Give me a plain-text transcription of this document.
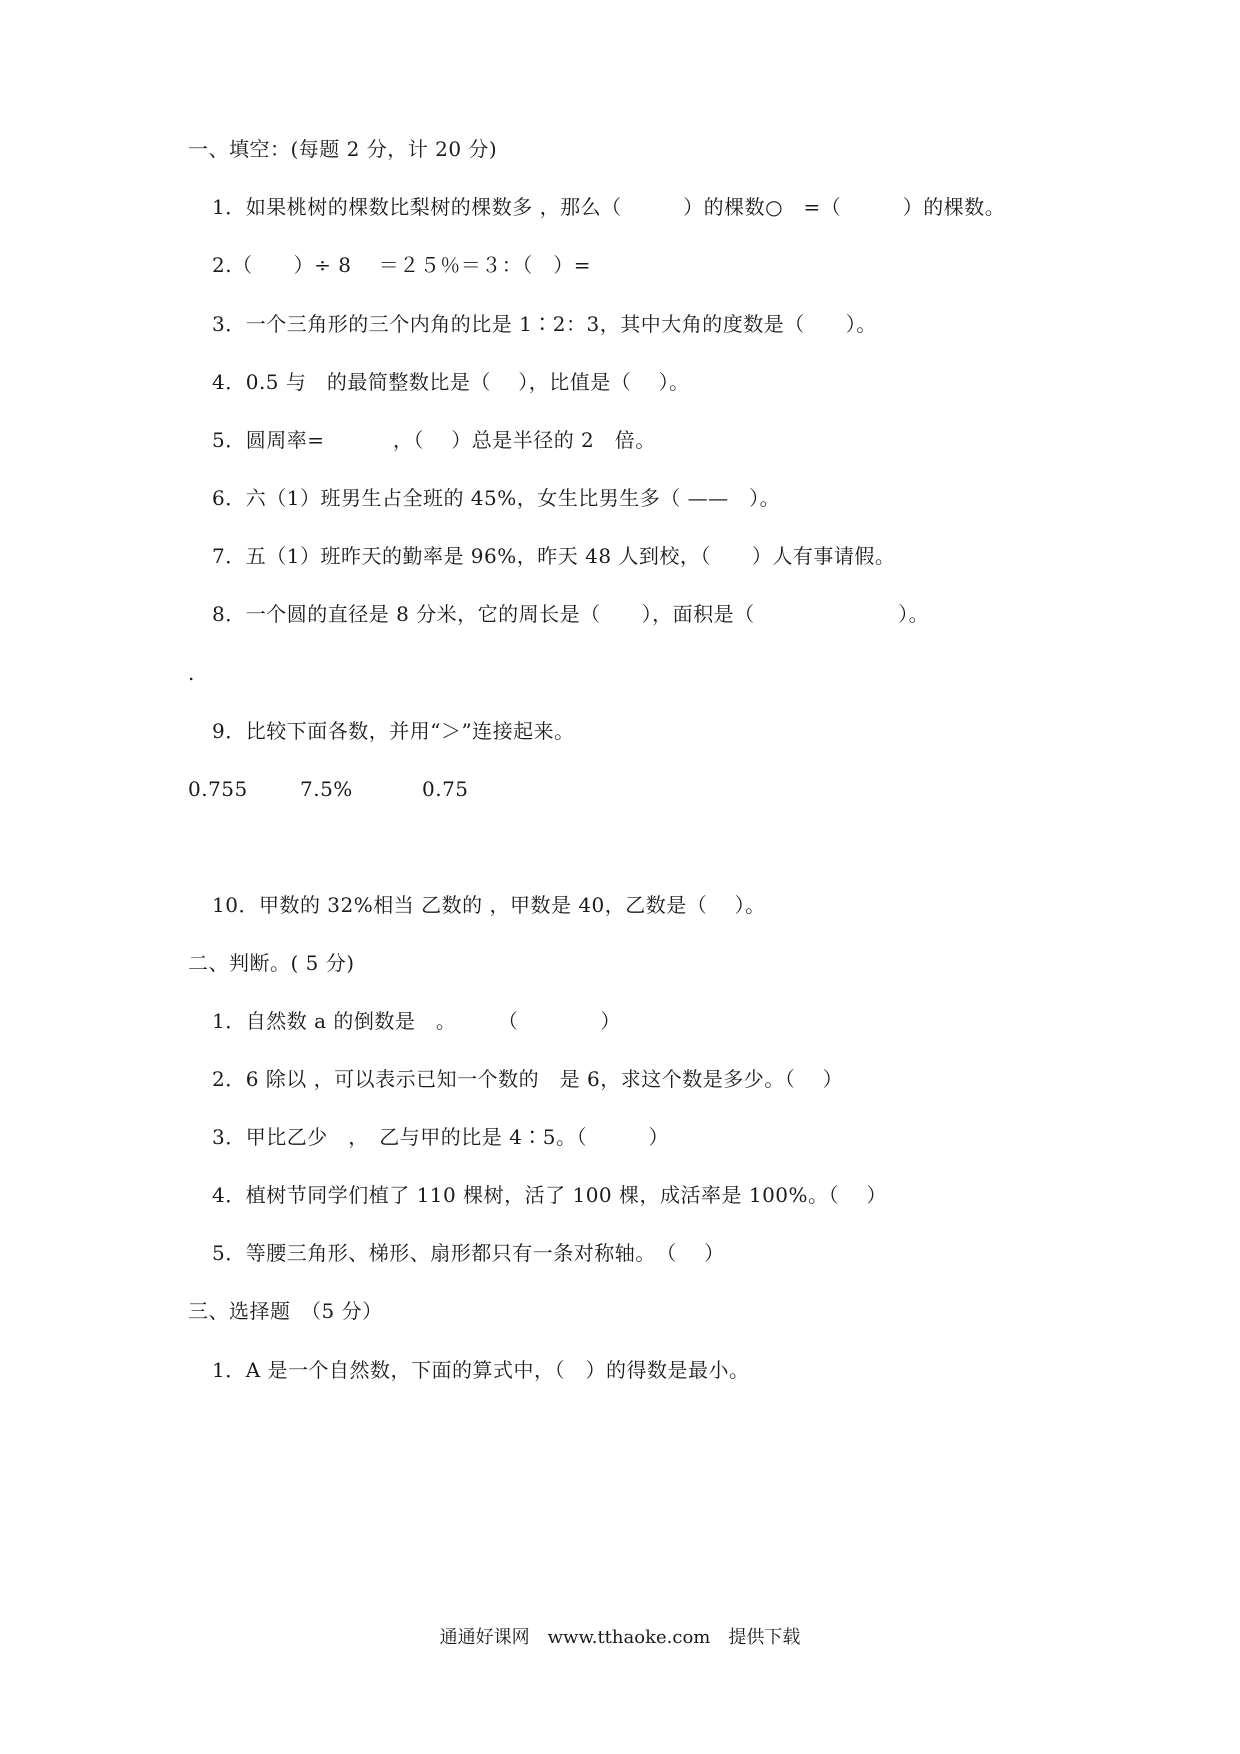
一、填空：(每题 2 分，计 20 分)
1．如果桃树的棵数比梨树的棵数多 ，那么（　　　）的棵数○　=（　　　）的棵数。
2.（　　）÷ 8　 ＝２５％＝３：（　）=
3．一个三角形的三个内角的比是 1∶2：3，其中大角的度数是（　　）。
4．0.5 与　的最简整数比是（　 ），比值是（　 ）。
5．圆周率=　　　 ，（　 ）总是半径的 2　倍。
6．六（1）班男生占全班的 45%，女生比男生多（ ——　）。
7．五（1）班昨天的勤率是 96%，昨天 48 人到校，（　　）人有事请假。
8．一个圆的直径是 8 分米，它的周长是（　　），面积是（　　　　　　　）。
.
9．比较下面各数，并用“＞”连接起来。
0.755	7.5%	0.75
10．甲数的 32%相当 乙数的 ，甲数是 40，乙数是（　 ）。
二、判断。( 5 分)
1．自然数 a 的倒数是　。　　　（　　　　）
2．6 除以 ，可以表示已知一个数的　是 6，求这个数是多少。（　 ）
3．甲比乙少　，　乙与甲的比是 4∶5。（　　　）
4．植树节同学们植了 110 棵树，活了 100 棵，成活率是 100%。（　 ）
5．等腰三角形、梯形、扇形都只有一条对称轴。　（　 ）
三、选择题　（5 分）
1．A 是一个自然数，下面的算式中，（　）的得数是最小。
通通好课网　www.tthaoke.com　提供下载
